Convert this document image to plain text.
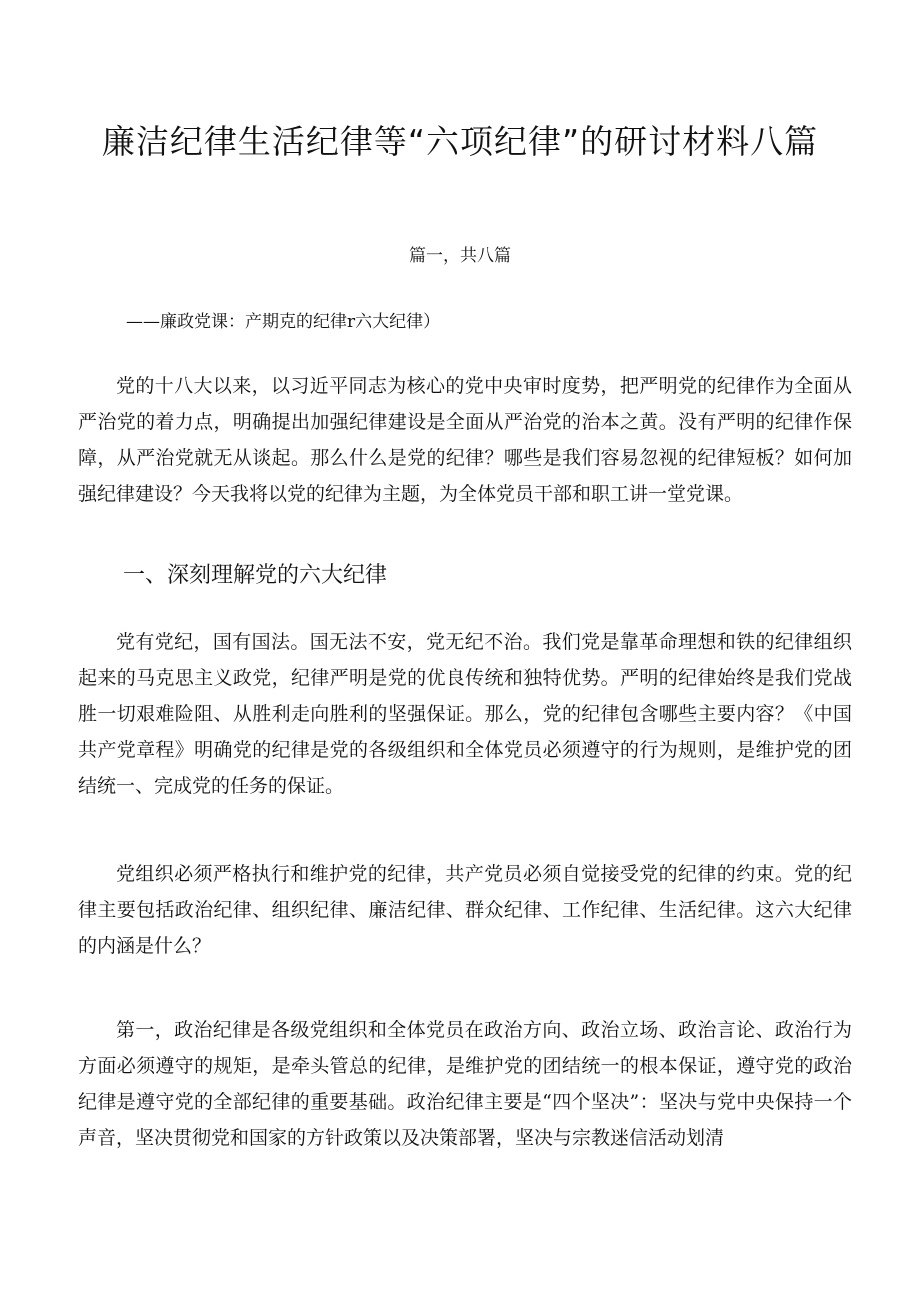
廉洁纪律生活纪律等“六项纪律”的研讨材料八篇
篇一，共八篇
——廉政党课：产期克的纪律r六大纪律）

党的十八大以来，以习近平同志为核心的党中央审时度势，把严明党的纪律作为全面从严治党的着力点，明确提出加强纪律建设是全面从严治党的治本之黄。没有严明的纪律作保障，从严治党就无从谈起。那么什么是党的纪律？哪些是我们容易忽视的纪律短板？如何加强纪律建设？今天我将以党的纪律为主题，为全体党员干部和职工讲一堂党课。

一、深刻理解党的六大纪律

党有党纪，国有国法。国无法不安，党无纪不治。我们党是靠革命理想和铁的纪律组织起来的马克思主义政党，纪律严明是党的优良传统和独特优势。严明的纪律始终是我们党战胜一切艰难险阻、从胜利走向胜利的坚强保证。那么，党的纪律包含哪些主要内容？《中国共产党章程》明确党的纪律是党的各级组织和全体党员必须遵守的行为规则，是维护党的团结统一、完成党的任务的保证。

党组织必须严格执行和维护党的纪律，共产党员必须自觉接受党的纪律的约束。党的纪律主要包括政治纪律、组织纪律、廉洁纪律、群众纪律、工作纪律、生活纪律。这六大纪律的内涵是什么？

第一，政治纪律是各级党组织和全体党员在政治方向、政治立场、政治言论、政治行为方面必须遵守的规矩，是牵头管总的纪律，是维护党的团结统一的根本保证，遵守党的政治纪律是遵守党的全部纪律的重要基础。政治纪律主要是“四个坚决”：坚决与党中央保持一个声音，坚决贯彻党和国家的方针政策以及决策部署，坚决与宗教迷信活动划清
